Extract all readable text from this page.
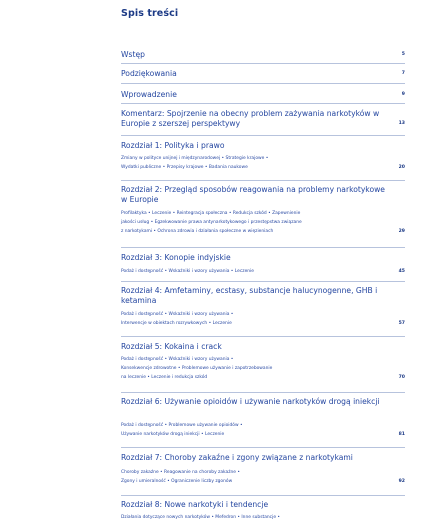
Spis treści
Wstęp	5
Podziękowania	7
Wprowadzenie	9
Komentarz: Spojrzenie na obecny problem zażywania narkotyków w Europie z szerszej perspektywy	13
Rozdział 1: Polityka i prawo
Zmiany w polityce unijnej i międzynarodowej • Strategie krajowe •
Wydatki publiczne • Przepisy krajowe • Badania naukowe	20
Rozdział 2: Przegląd sposobów reagowania na problemy narkotykowe w Europie
Profilaktyka • Leczenie • Reintegracja społeczna • Redukcja szkód • Zapewnienie
jakości usług • Egzekwowanie prawa antynarkotykowego i przestępstwa związane
z narkotykami • Ochrona zdrowia i działania społeczne w więzieniach	29
Rozdział 3: Konopie indyjskie
Podaż i dostępność • Wskaźniki i wzory używania • Leczenie	45
Rozdział 4: Amfetaminy, ecstasy, substancje halucynogenne, GHB i ketamina
Podaż i dostępność • Wskaźniki i wzory używania •
Interwencje w obiektach rozrywkowych • Leczenie	57
Rozdział 5: Kokaina i crack
Podaż i dostępność • Wskaźniki i wzory używania •
Konsekwencje zdrowotne • Problemowe używanie i zapotrzebowanie
na leczenie • Leczenie i redukcja szkód	70
Rozdział 6: Używanie opioidów i używanie narkotyków drogą iniekcji
Podaż i dostępność • Problemowe używanie opioidów •
Używanie narkotyków drogą iniekcji • Leczenie	81
Rozdział 7: Choroby zakaźne i zgony związane z narkotykami
Choroby zakaźne • Reagowanie na choroby zakaźne •
Zgony i umieralność • Ograniczenie liczby zgonów	92
Rozdział 8: Nowe narkotyki i tendencje
Działania dotyczące nowych narkotyków • Mefedron • Inne substancje •
